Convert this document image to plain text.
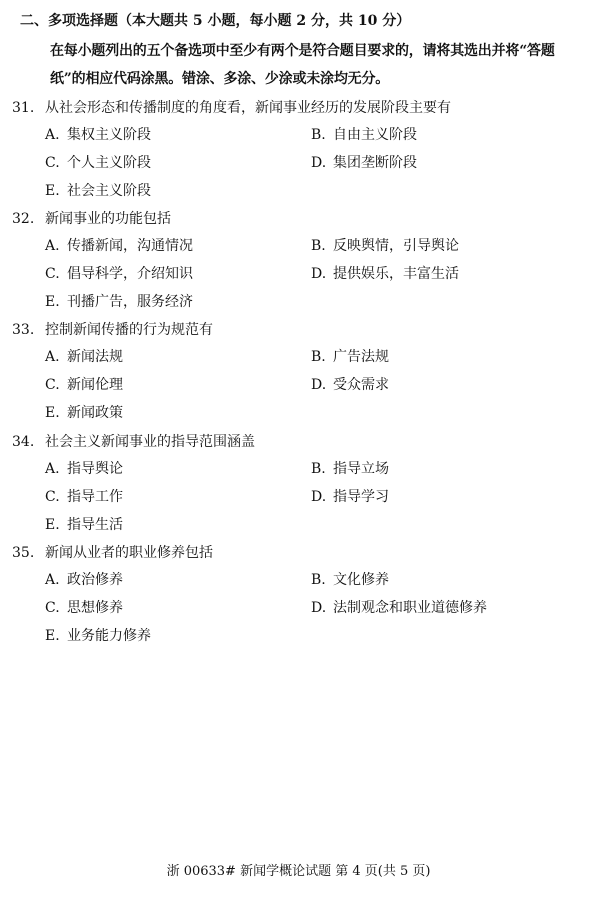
二、多项选择题（本大题共 5 小题，每小题 2 分，共 10 分）
在每小题列出的五个备选项中至少有两个是符合题目要求的，请将其选出并将“答题纸”的相应代码涂黑。错涂、多涂、少涂或未涂均无分。
31. 从社会形态和传播制度的角度看，新闻事业经历的发展阶段主要有
A. 集权主义阶段	B. 自由主义阶段
C. 个人主义阶段	D. 集团垄断阶段
E. 社会主义阶段
32. 新闻事业的功能包括
A. 传播新闻，沟通情况	B. 反映舆情，引导舆论
C. 倡导科学，介绍知识	D. 提供娱乐，丰富生活
E. 刊播广告，服务经济
33. 控制新闻传播的行为规范有
A. 新闻法规	B. 广告法规
C. 新闻伦理	D. 受众需求
E. 新闻政策
34. 社会主义新闻事业的指导范围涵盖
A. 指导舆论	B. 指导立场
C. 指导工作	D. 指导学习
E. 指导生活
35. 新闻从业者的职业修养包括
A. 政治修养	B. 文化修养
C. 思想修养	D. 法制观念和职业道德修养
E. 业务能力修养
浙 00633# 新闻学概论试题 第 4 页(共 5 页)
